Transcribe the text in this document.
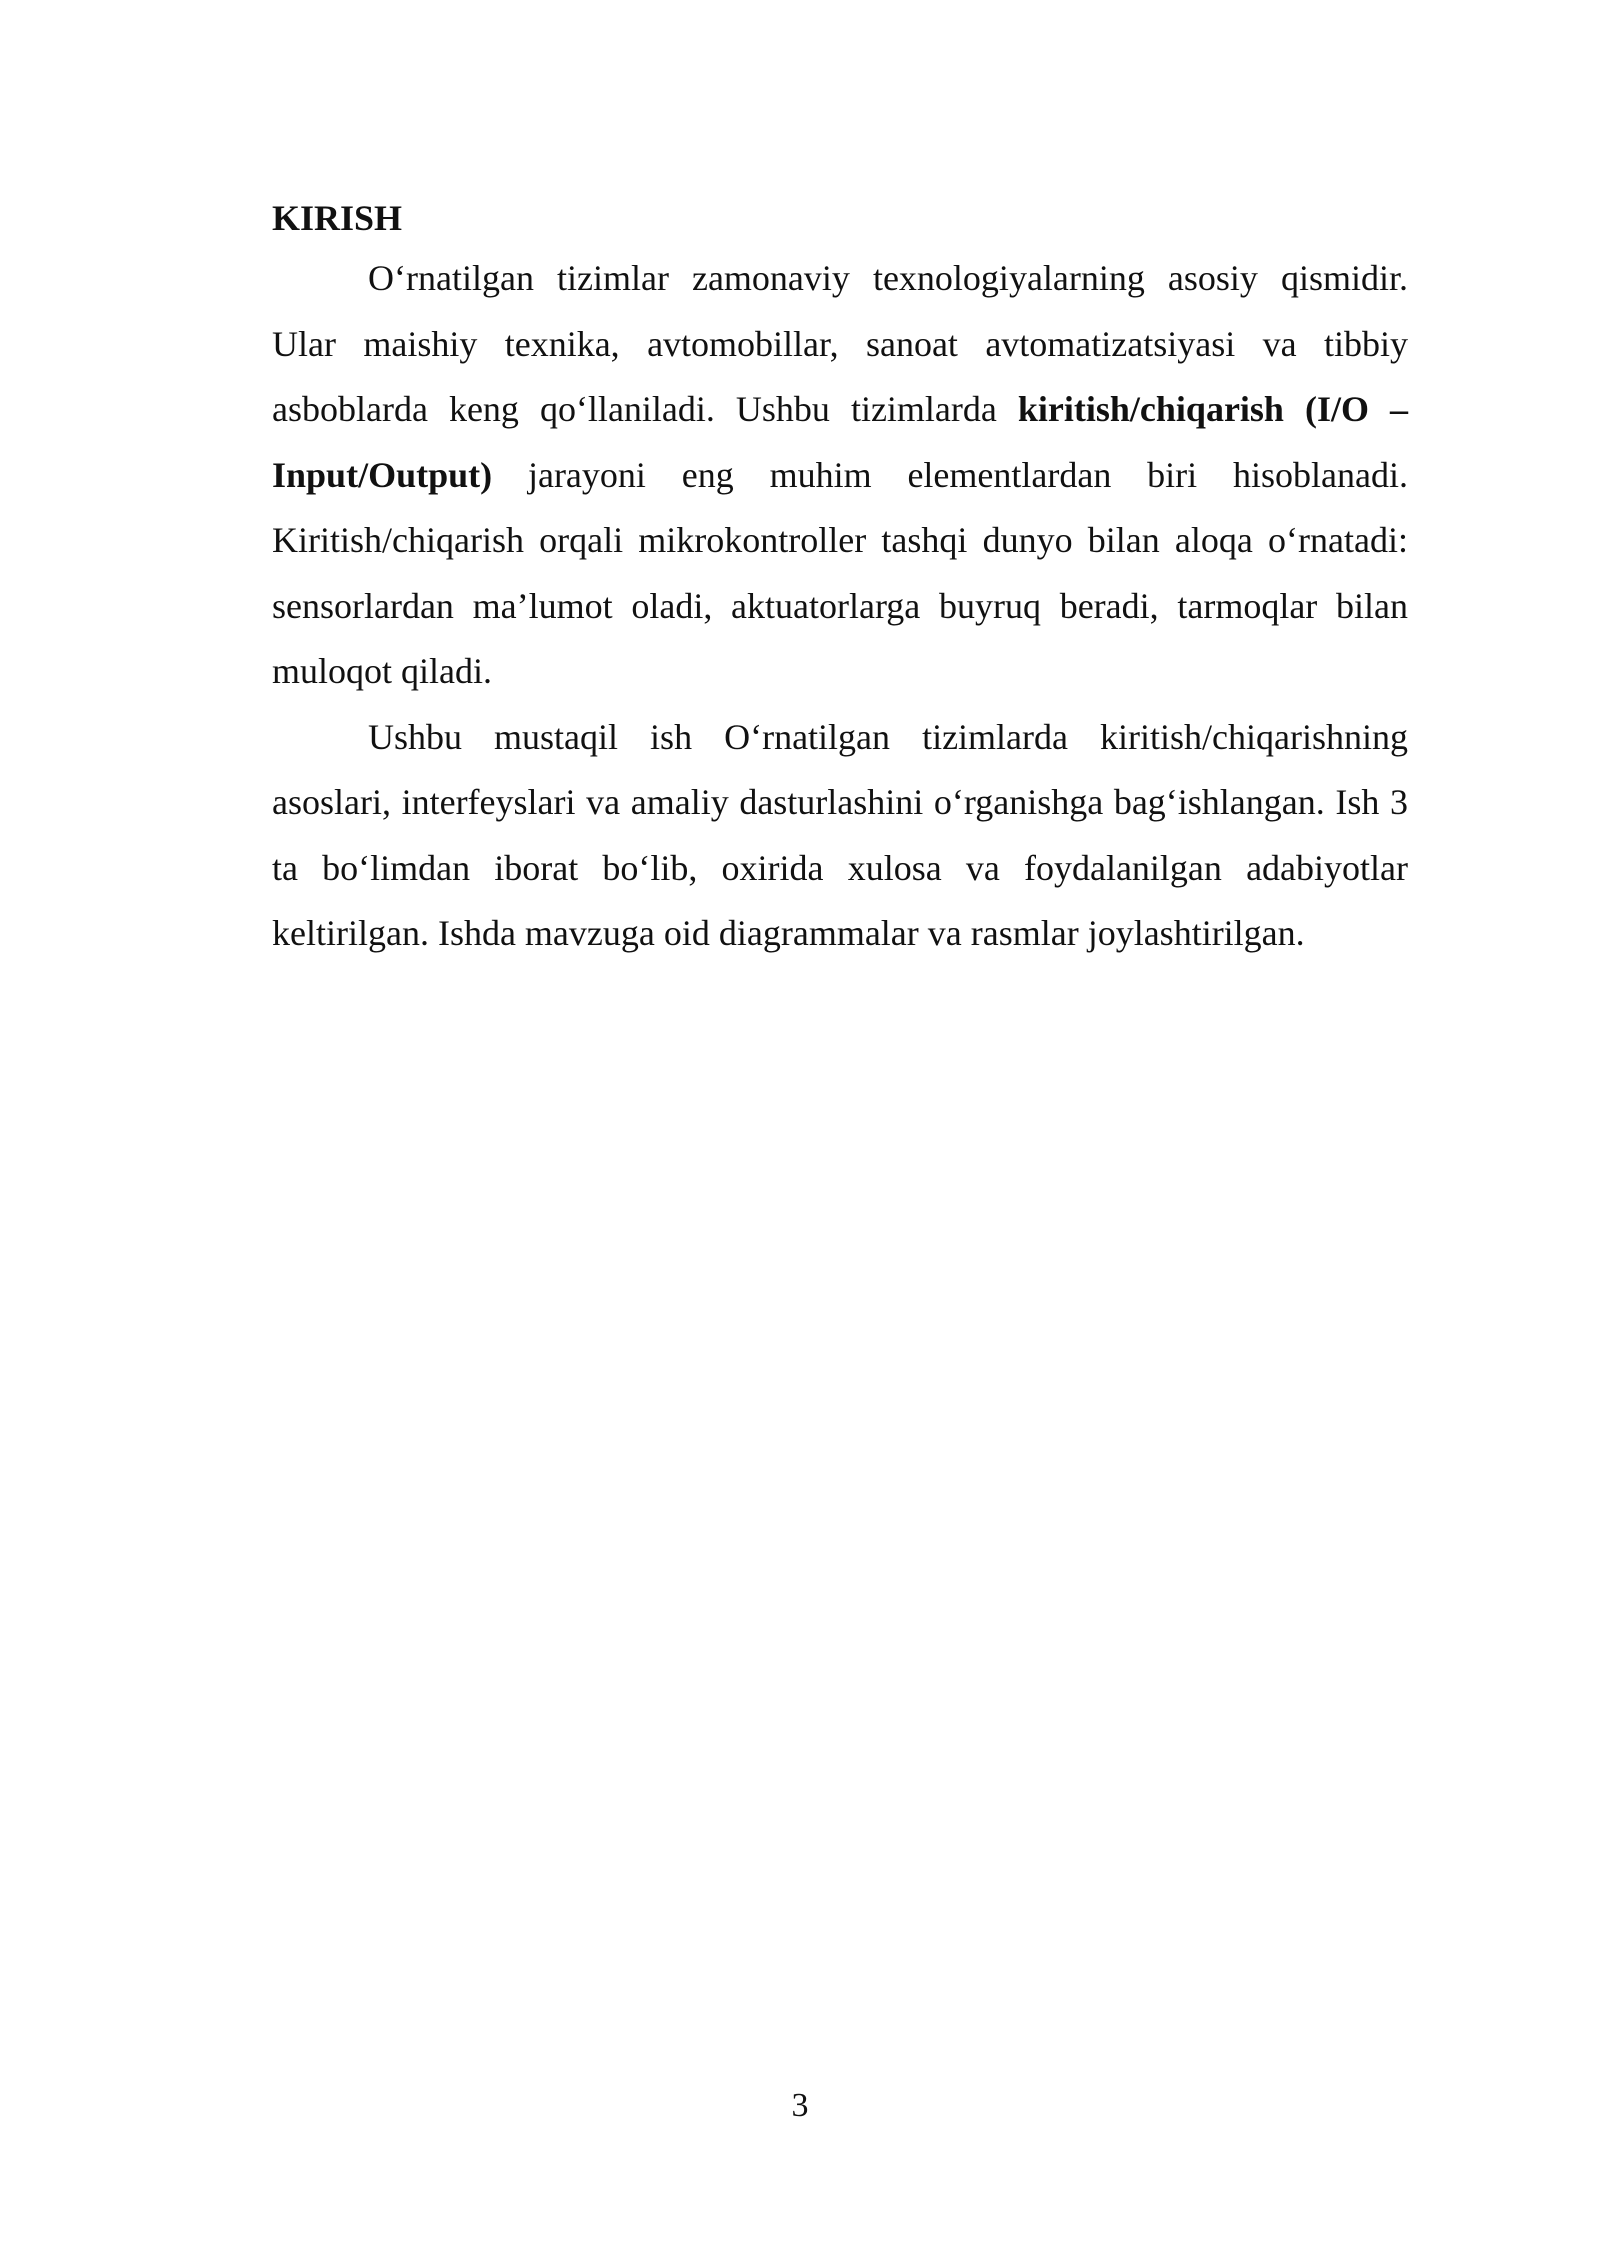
KIRISH

O‘rnatilgan tizimlar zamonaviy texnologiyalarning asosiy qismidir. Ular maishiy texnika, avtomobillar, sanoat avtomatizatsiyasi va tibbiy asboblarda keng qo‘llaniladi. Ushbu tizimlarda kiritish/chiqarish (I/O – Input/Output) jarayoni eng muhim elementlardan biri hisoblanadi. Kiritish/chiqarish orqali mikrokontroller tashqi dunyo bilan aloqa o‘rnatadi: sensorlardan ma’lumot oladi, aktuatorlarga buyruq beradi, tarmoqlar bilan muloqot qiladi.

Ushbu mustaqil ish O‘rnatilgan tizimlarda kiritish/chiqarishning asoslari, interfeyslari va amaliy dasturlashini o‘rganishga bag‘ishlangan. Ish 3 ta bo‘limdan iborat bo‘lib, oxirida xulosa va foydalanilgan adabiyotlar keltirilgan. Ishda mavzuga oid diagrammalar va rasmlar joylashtirilgan.

3
